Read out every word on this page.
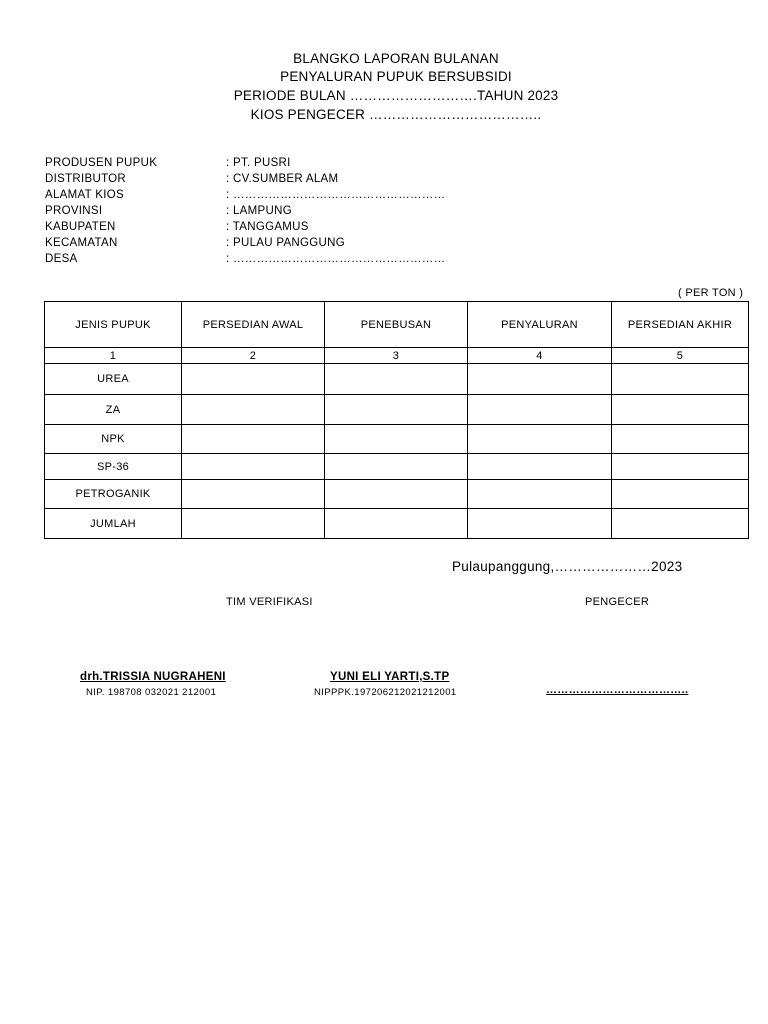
BLANGKO LAPORAN BULANAN
PENYALURAN PUPUK BERSUBSIDI
PERIODE BULAN ……………………….TAHUN 2023
KIOS PENGECER ………………………………..
PRODUSEN PUPUK	: PT. PUSRI
DISTRIBUTOR	: CV.SUMBER ALAM
ALAMAT KIOS	: ………………………………………………
PROVINSI	: LAMPUNG
KABUPATEN	: TANGGAMUS
KECAMATAN	: PULAU PANGGUNG
DESA	: ………………………………………………
( PER TON )
JENIS PUPUK	PERSEDIAN AWAL	PENEBUSAN	PENYALURAN	PERSEDIAN AKHIR
1	2	3	4	5
UREA				
ZA				
NPK				
SP-36				
PETROGANIK				
JUMLAH				
Pulaupanggung,…………………2023
TIM VERIFIKASI	PENGECER
drh.TRISSIA NUGRAHENI
NIP. 198708 032021 212001
YUNI ELI YARTI,S.TP
NIPPPK.197206212021212001	………………………………..
